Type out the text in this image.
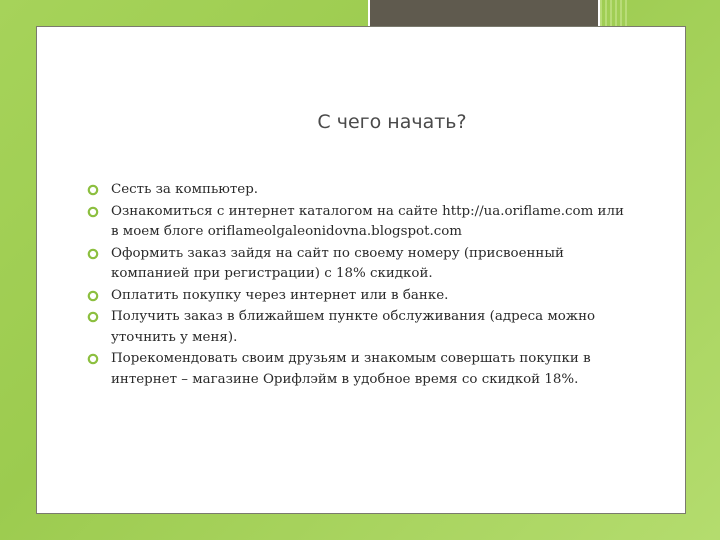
С чего начать?
Сесть за компьютер.
Ознакомиться с интернет каталогом на сайте http://ua.oriflame.com или в моем блоге oriflameolgaleonidovna.blogspot.com
Оформить заказ зайдя на сайт по своему номеру (присвоенный компанией при регистрации) с 18% скидкой.
Оплатить покупку через интернет или в банке.
Получить заказ в ближайшем пункте обслуживания (адреса можно уточнить у меня).
Порекомендовать своим друзьям и знакомым совершать покупки в интернет – магазине Орифлэйм в удобное время со скидкой 18%.
